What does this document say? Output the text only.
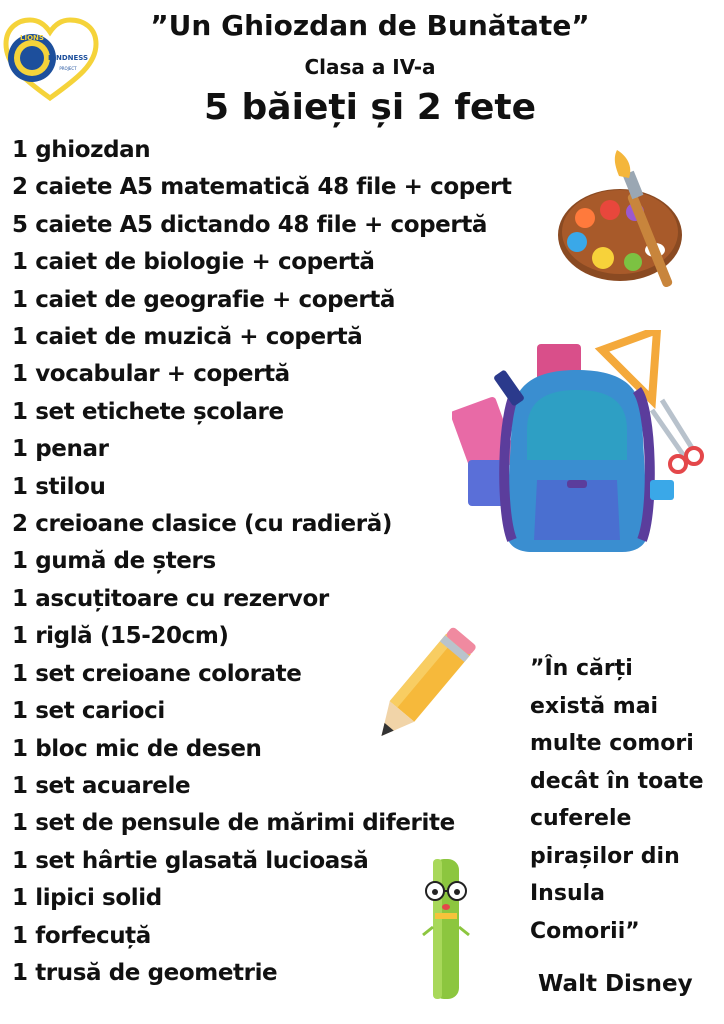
LIONS
KINDNESS
PROJECT
”Un Ghiozdan de Bunătate”
Clasa a IV-a
5 băieți și 2 fete
1 ghiozdan
2 caiete A5 matematică 48 file + copert
5 caiete A5 dictando 48 file + copertă
1 caiet de biologie + copertă
1 caiet de geografie + copertă
1 caiet de muzică + copertă
1 vocabular + copertă
1 set etichete școlare
1 penar
1 stilou
2 creioane clasice (cu radieră)
1 gumă de șters
1 ascuțitoare cu rezervor
1 riglă (15-20cm)
1 set creioane colorate
1 set carioci
1 bloc mic de desen
1 set acuarele
1 set de pensule de mărimi diferite
1 set hârtie glasată lucioasă
1 lipici solid
1 forfecuță
1 trusă de geometrie
”În cărți
există mai
multe comori
decât în toate
cuferele
pirașilor din
Insula
Comorii”
Walt Disney
